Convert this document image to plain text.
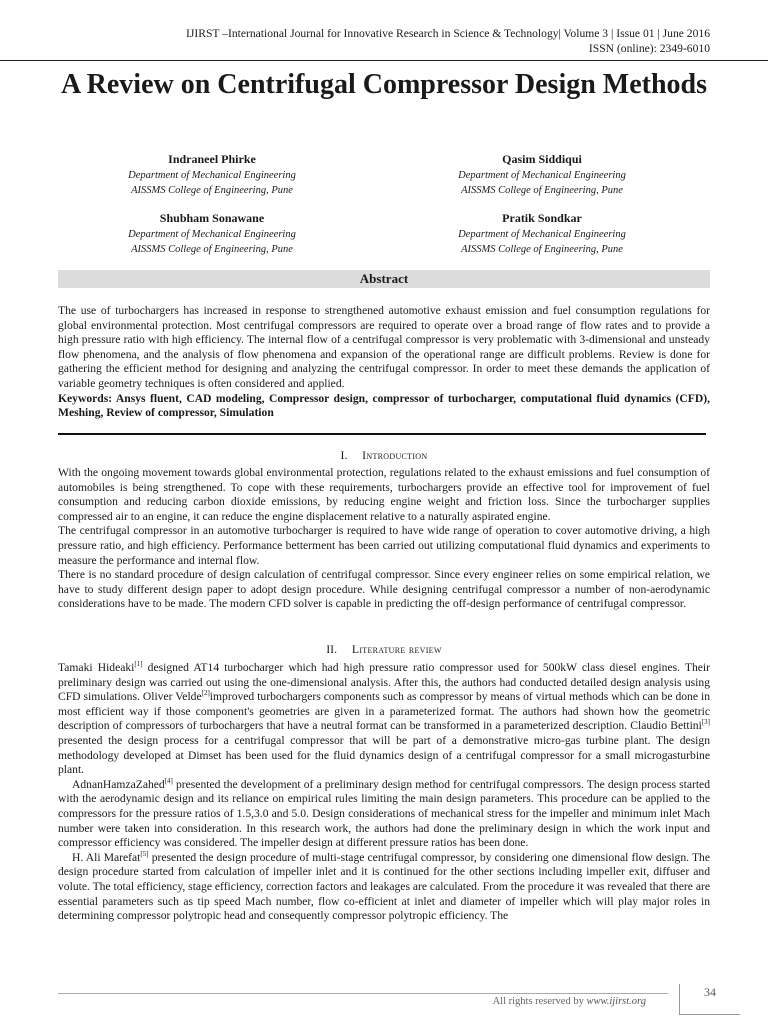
IJIRST –International Journal for Innovative Research in Science & Technology| Volume 3 | Issue 01 | June 2016
ISSN (online): 2349-6010
A Review on Centrifugal Compressor Design Methods
Indraneel Phirke
Department of Mechanical Engineering
AISSMS College of Engineering, Pune
Qasim Siddiqui
Department of Mechanical Engineering
AISSMS College of Engineering, Pune
Shubham Sonawane
Department of Mechanical Engineering
AISSMS College of Engineering, Pune
Pratik Sondkar
Department of Mechanical Engineering
AISSMS College of Engineering, Pune
Abstract
The use of turbochargers has increased in response to strengthened automotive exhaust emission and fuel consumption regulations for global environmental protection. Most centrifugal compressors are required to operate over a broad range of flow rates and to provide a high pressure ratio with high efficiency. The internal flow of a centrifugal compressor is very problematic with 3-dimensional and unsteady flow phenomena, and the analysis of flow phenomena and expansion of the operational range are difficult problems. Review is done for gathering the efficient method for designing and analyzing the centrifugal compressor. In order to meet these demands the application of variable geometry techniques is often considered and applied.
Keywords: Ansys fluent, CAD modeling, Compressor design, compressor of turbocharger, computational fluid dynamics (CFD), Meshing, Review of compressor, Simulation
I. Introduction
With the ongoing movement towards global environmental protection, regulations related to the exhaust emissions and fuel consumption of automobiles is being strengthened. To cope with these requirements, turbochargers provide an effective tool for improvement of fuel consumption and reducing carbon dioxide emissions, by reducing engine weight and friction loss. Since the turbocharger supplies compressed air to an engine, it can reduce the engine displacement relative to a naturally aspirated engine.
The centrifugal compressor in an automotive turbocharger is required to have wide range of operation to cover automotive driving, a high pressure ratio, and high efficiency. Performance betterment has been carried out utilizing computational fluid dynamics and experiments to measure the performance and internal flow.
There is no standard procedure of design calculation of centrifugal compressor. Since every engineer relies on some empirical relation, we have to study different design paper to adopt design procedure. While designing centrifugal compressor a number of non-aerodynamic considerations have to be made. The modern CFD solver is capable in predicting the off-design performance of centrifugal compressor.
II. Literature review
Tamaki Hideaki[1] designed AT14 turbocharger which had high pressure ratio compressor used for 500kW class diesel engines. Their preliminary design was carried out using the one-dimensional analysis. After this, the authors had conducted detailed design analysis using CFD simulations. Oliver Velde[2]improved turbochargers components such as compressor by means of virtual methods which can be done in most efficient way if those component's geometries are given in a parameterized format. The authors had shown how the geometric description of compressors of turbochargers that have a neutral format can be transformed in a parameterized description. Claudio Bettini[3] presented the design process for a centrifugal compressor that will be part of a demonstrative micro-gas turbine plant. The design methodology developed at Dimset has been used for the fluid dynamics design of a centrifugal compressor for a small microgasturbine plant.
AdnanHamzaZahed[4] presented the development of a preliminary design method for centrifugal compressors. The design process started with the aerodynamic design and its reliance on empirical rules limiting the main design parameters. This procedure can be applied to the compressors for the pressure ratios of 1.5,3.0 and 5.0. Design considerations of mechanical stress for the impeller and minimum inlet Mach number were taken into consideration. In this research work, the authors had done the preliminary design in which the work input and compressor efficiency was considered. The impeller design at different pressure ratios has been done.
H. Ali Marefat[5] presented the design procedure of multi-stage centrifugal compressor, by considering one dimensional flow design. The design procedure started from calculation of impeller inlet and it is continued for the other sections including impeller exit, diffuser and volute. The total efficiency, stage efficiency, correction factors and leakages are calculated. From the procedure it was revealed that there are essential parameters such as tip speed Mach number, flow co-efficient at inlet and diameter of impeller which will play major roles in determining compressor polytropic head and consequently compressor polytropic efficiency. The
All rights reserved by www.ijirst.org
34
